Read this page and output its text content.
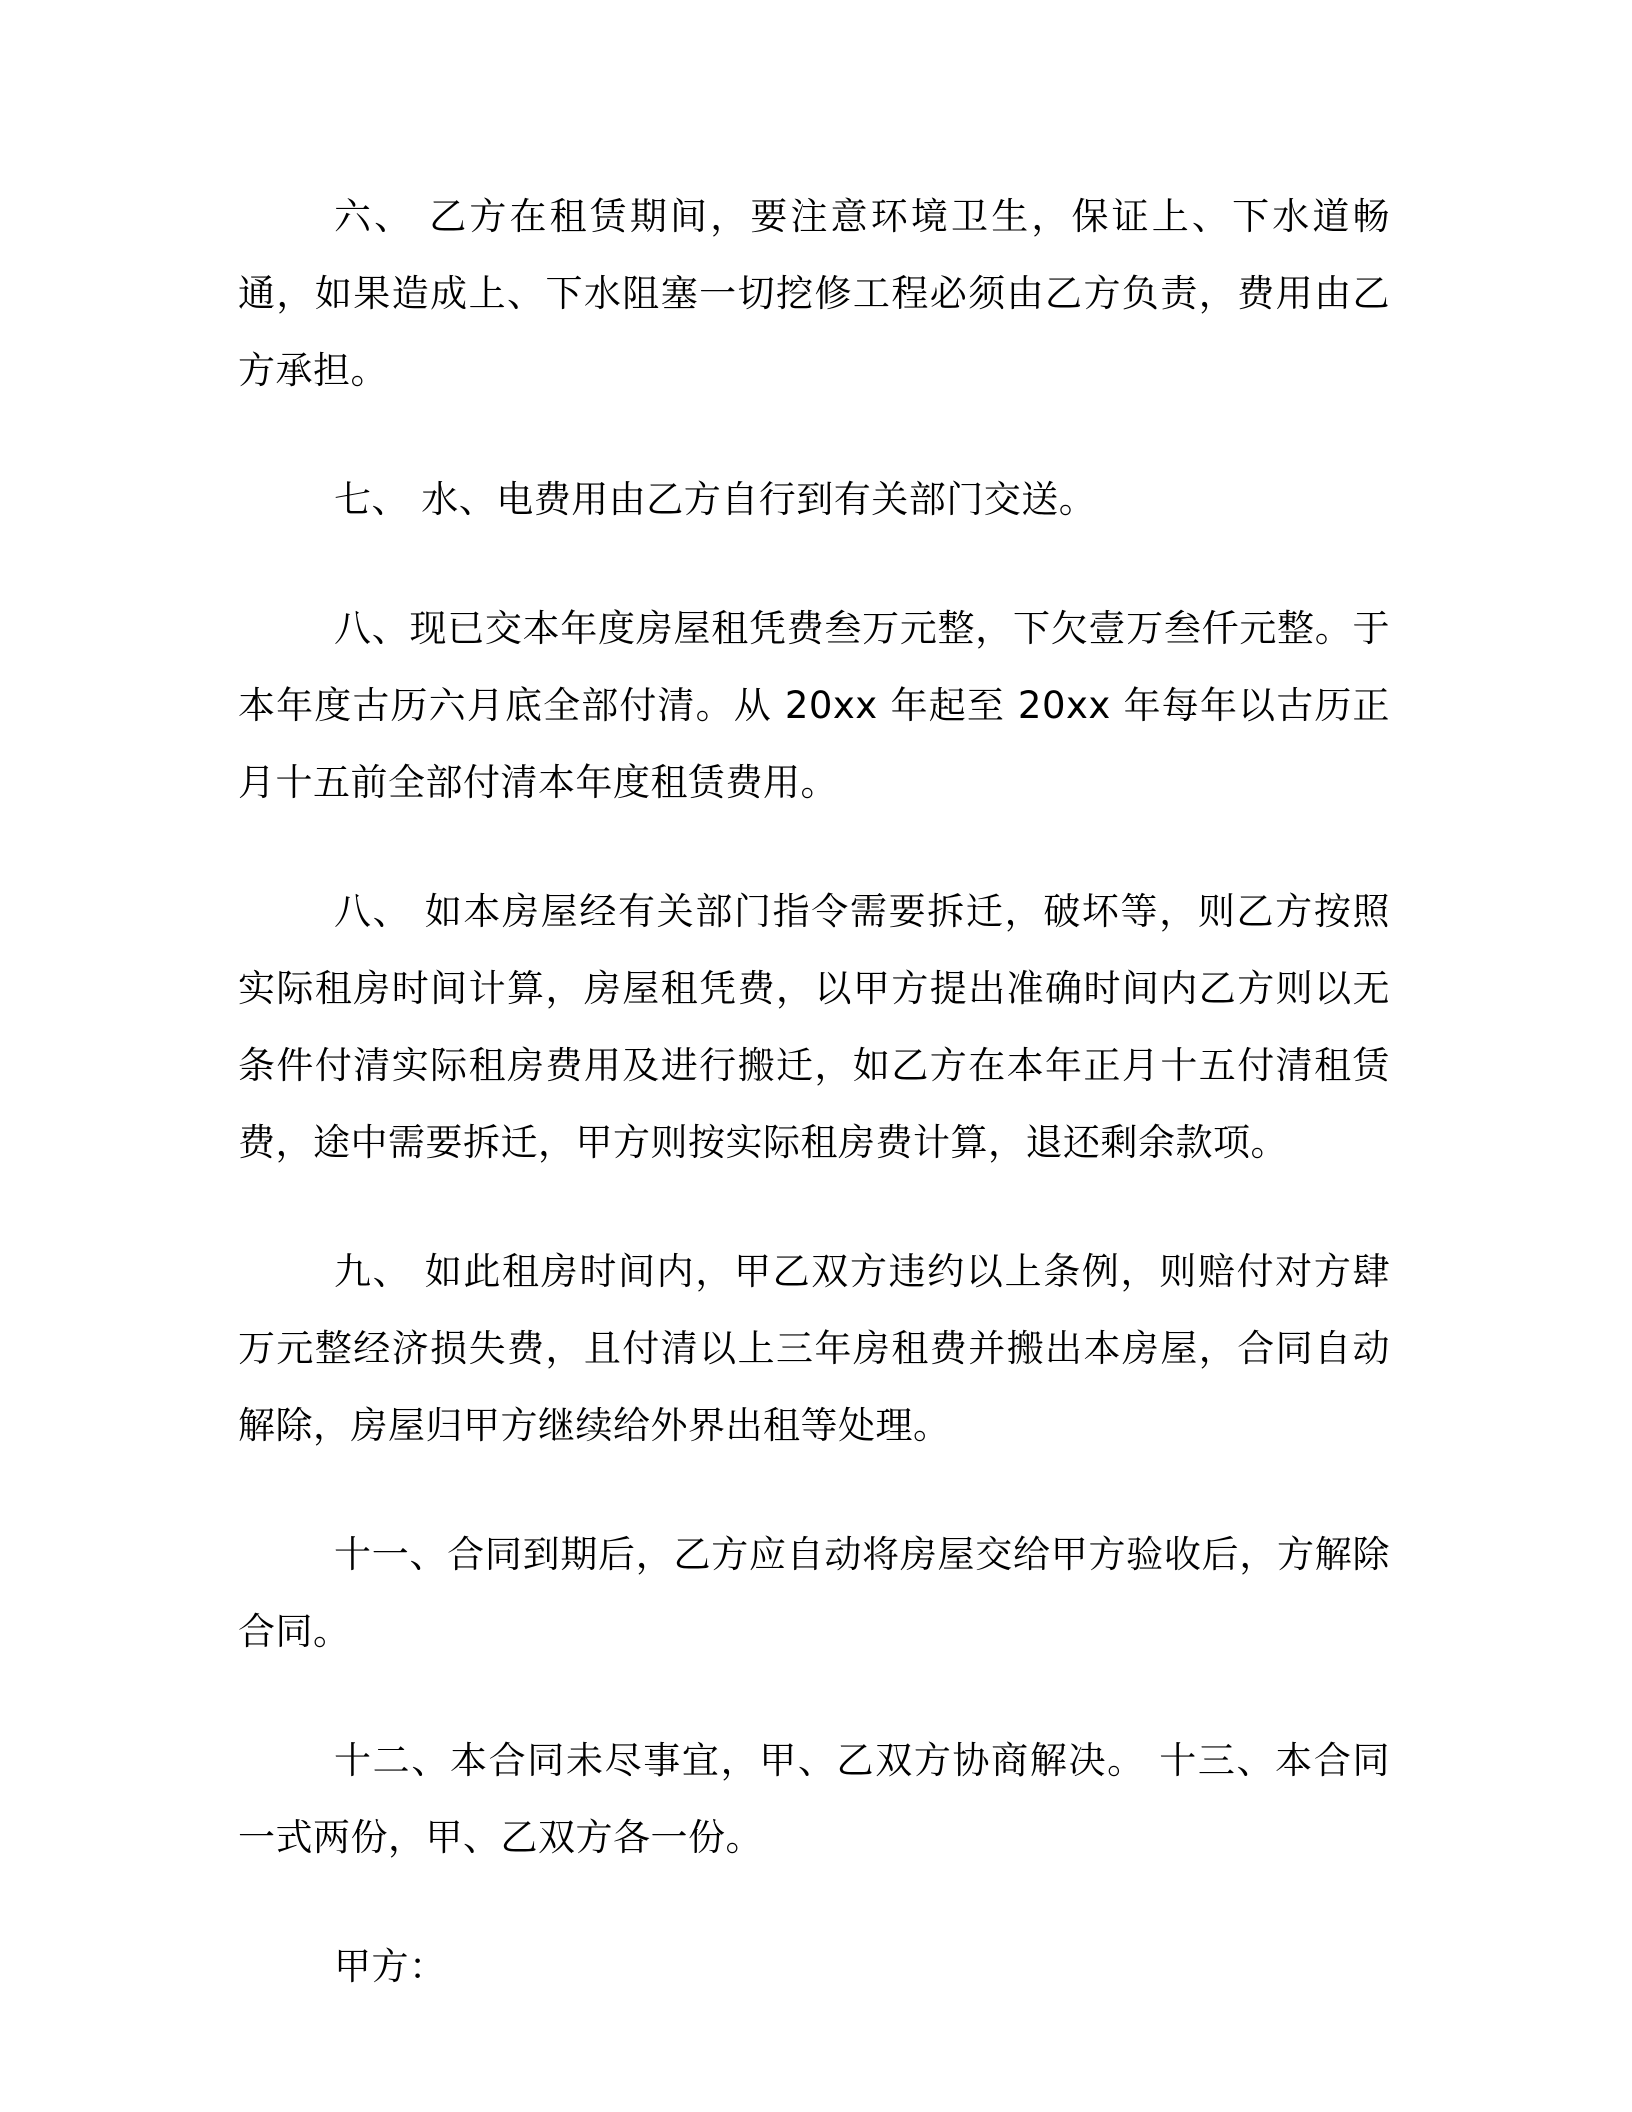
六、 乙方在租赁期间，要注意环境卫生，保证上、下水道畅通，如果造成上、下水阻塞一切挖修工程必须由乙方负责，费用由乙方承担。

七、 水、电费用由乙方自行到有关部门交送。

八、现已交本年度房屋租凭费叁万元整，下欠壹万叁仟元整。于本年度古历六月底全部付清。从 20xx 年起至 20xx 年每年以古历正月十五前全部付清本年度租赁费用。

八、 如本房屋经有关部门指令需要拆迁，破坏等，则乙方按照实际租房时间计算，房屋租凭费，以甲方提出准确时间内乙方则以无条件付清实际租房费用及进行搬迁，如乙方在本年正月十五付清租赁费，途中需要拆迁，甲方则按实际租房费计算，退还剩余款项。

九、 如此租房时间内，甲乙双方违约以上条例，则赔付对方肆万元整经济损失费，且付清以上三年房租费并搬出本房屋，合同自动解除，房屋归甲方继续给外界出租等处理。

十一、合同到期后，乙方应自动将房屋交给甲方验收后，方解除合同。

十二、本合同未尽事宜，甲、乙双方协商解决。 十三、本合同一式两份，甲、乙双方各一份。

甲方：
